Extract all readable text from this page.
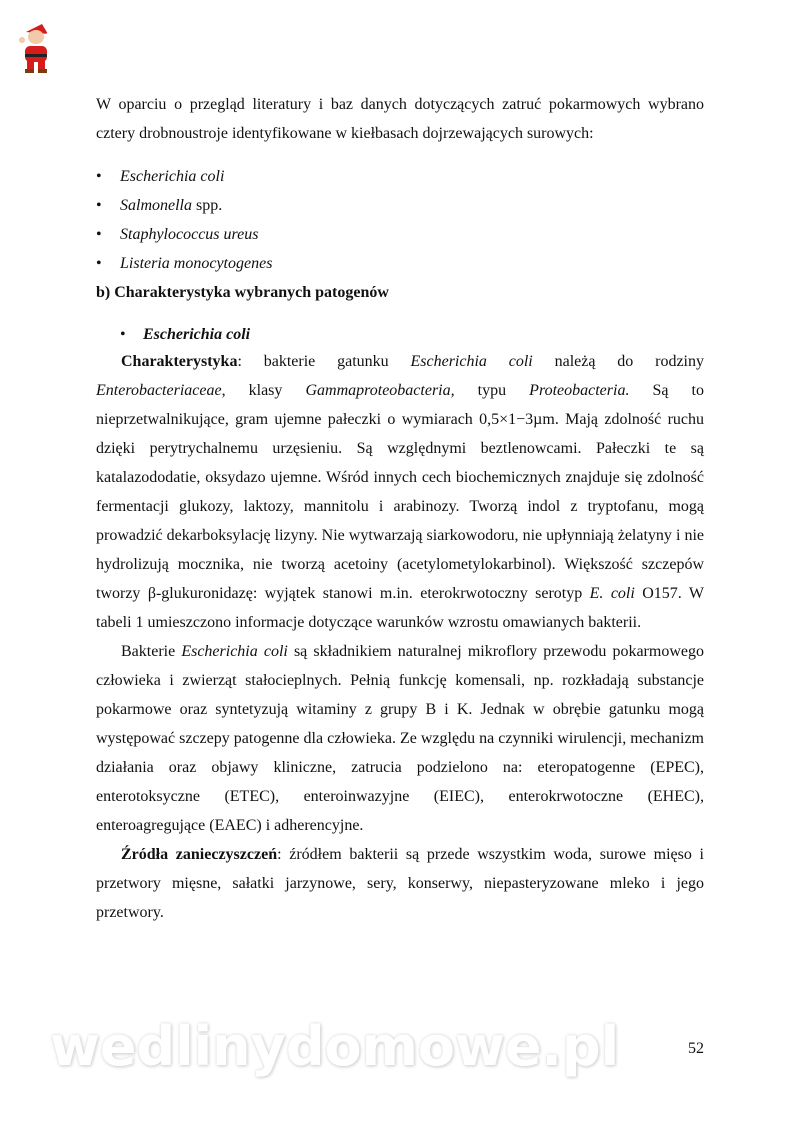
W oparciu o przegląd literatury i baz danych dotyczących zatruć pokarmowych wybrano cztery drobnoustroje identyfikowane w kiełbasach dojrzewających surowych:

• Escherichia coli
• Salmonella spp.
• Staphylococcus ureus
• Listeria monocytogenes

b) Charakterystyka wybranych patogenów

• Escherichia coli

Charakterystyka: bakterie gatunku Escherichia coli należą do rodziny Enterobacteriaceae, klasy Gammaproteobacteria, typu Proteobacteria. Są to nieprzetwalnikujące, gram ujemne pałeczki o wymiarach 0,5×1−3µm. Mają zdolność ruchu dzięki perytrychalnemu urzęsieniu. Są względnymi beztlenowcami. Pałeczki te są katalazododatie, oksydazo ujemne. Wśród innych cech biochemicznych znajduje się zdolność fermentacji glukozy, laktozy, mannitolu i arabinozy. Tworzą indol z tryptofanu, mogą prowadzić dekarboksylację lizyny. Nie wytwarzają siarkowodoru, nie upłynniają żelatyny i nie hydrolizują mocznika, nie tworzą acetoiny (acetylometylokarbinol). Większość szczepów tworzy β-glukuronidazę: wyjątek stanowi m.in. eterokrwotoczny serotyp E. coli O157. W tabeli 1 umieszczono informacje dotyczące warunków wzrostu omawianych bakterii.

Bakterie Escherichia coli są składnikiem naturalnej mikroflory przewodu pokarmowego człowieka i zwierząt stałocieplnych. Pełnią funkcję komensali, np. rozkładają substancje pokarmowe oraz syntetyzują witaminy z grupy B i K. Jednak w obrębie gatunku mogą występować szczepy patogenne dla człowieka. Ze względu na czynniki wirulencji, mechanizm działania oraz objawy kliniczne, zatrucia podzielono na: eteropatogenne (EPEC), enterotoksyczne (ETEC), enteroinwazyjne (EIEC), enterokrwotoczne (EHEC), enteroagregujące (EAEC) i adherencyjne.

Źródła zanieczyszczeń: źródłem bakterii są przede wszystkim woda, surowe mięso i przetwory mięsne, sałatki jarzynowe, sery, konserwy, niepasteryzowane mleko i jego przetwory.

wedlinydomowe.pl	52
